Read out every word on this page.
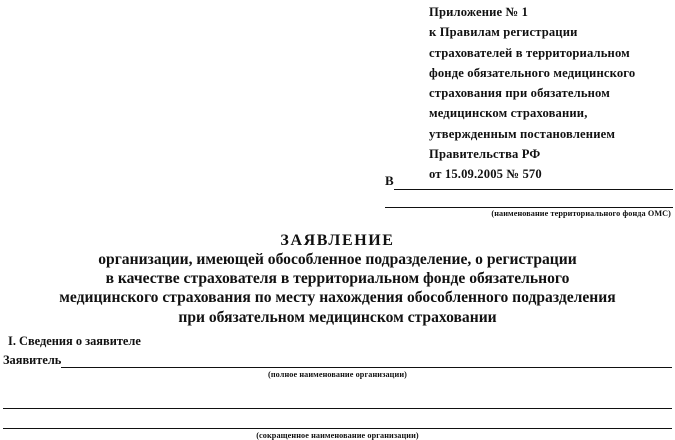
Приложение № 1
к Правилам регистрации
страхователей в территориальном
фонде обязательного медицинского
страхования при обязательном
медицинском страховании,
утвержденным постановлением
Правительства РФ
от 15.09.2005 № 570
В
(наименование территориального фонда ОМС)
ЗАЯВЛЕНИЕ
организации, имеющей обособленное подразделение, о регистрации
в качестве страхователя в территориальном фонде обязательного
медицинского страхования по месту нахождения обособленного подразделения
при обязательном медицинском страховании
I. Сведения о заявителе
Заявитель
(полное наименование организации)
(сокращенное наименование организации)
